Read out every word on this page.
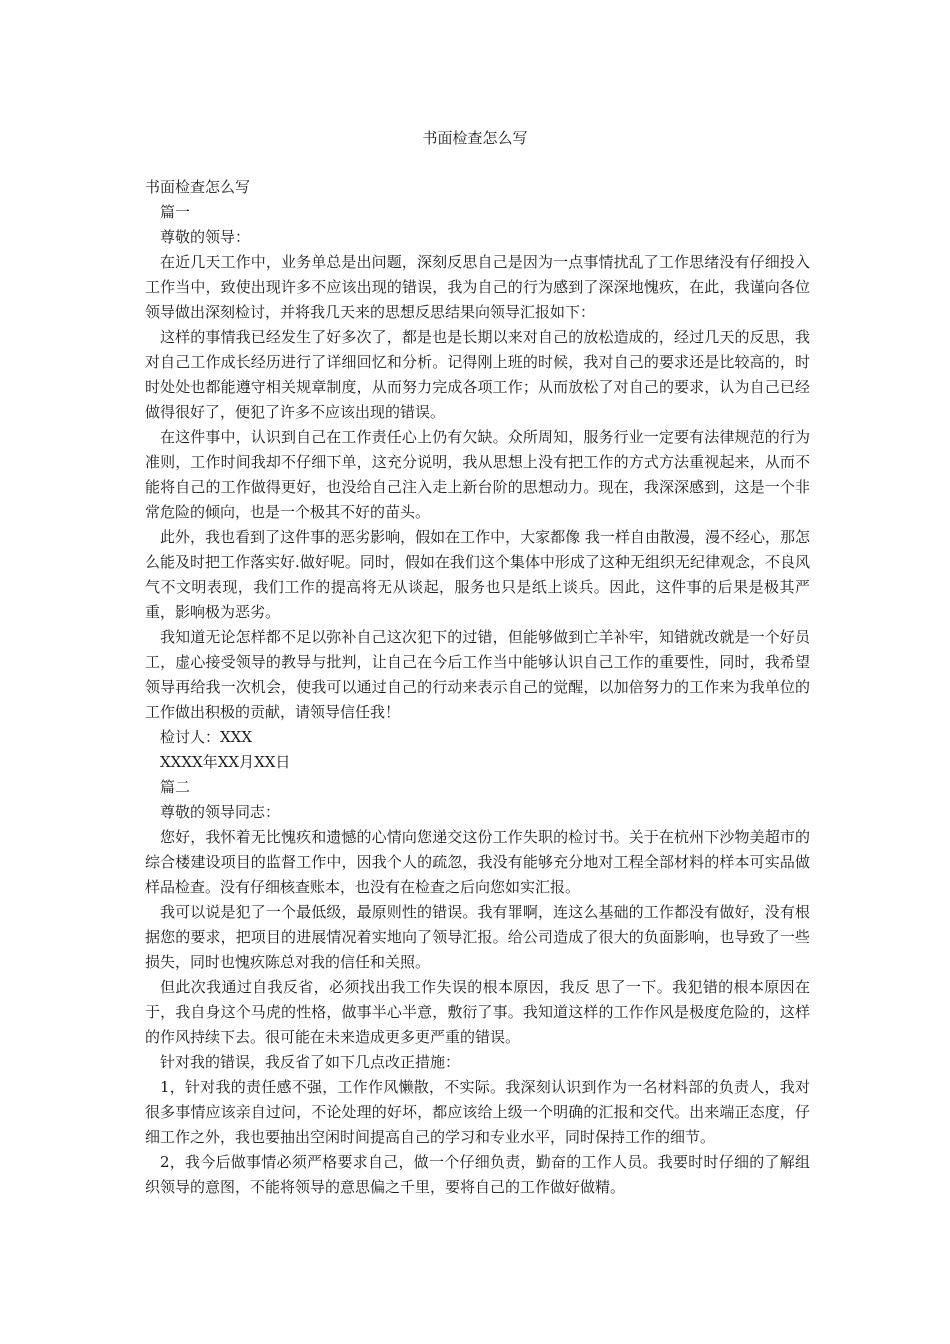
书面检查怎么写

书面检查怎么写

篇一

尊敬的领导：

在近几天工作中，业务单总是出问题，深刻反思自己是因为一点事情扰乱了工作思绪没有仔细投入工作当中，致使出现许多不应该出现的错误，我为自己的行为感到了深深地愧疚，在此，我谨向各位领导做出深刻检讨，并将我几天来的思想反思结果向领导汇报如下：

这样的事情我已经发生了好多次了，都是也是长期以来对自己的放松造成的，经过几天的反思，我对自己工作成长经历进行了详细回忆和分析。记得刚上班的时候，我对自己的要求还是比较高的，时时处处也都能遵守相关规章制度，从而努力完成各项工作；从而放松了对自己的要求，认为自己已经做得很好了，便犯了许多不应该出现的错误。

在这件事中，认识到自己在工作责任心上仍有欠缺。众所周知，服务行业一定要有法律规范的行为准则，工作时间我却不仔细下单，这充分说明，我从思想上没有把工作的方式方法重视起来，从而不能将自己的工作做得更好，也没给自己注入走上新台阶的思想动力。现在，我深深感到，这是一个非常危险的倾向，也是一个极其不好的苗头。

此外，我也看到了这件事的恶劣影响，假如在工作中，大家都像 我一样自由散漫，漫不经心，那怎么能及时把工作落实好.做好呢。同时，假如在我们这个集体中形成了这种无组织无纪律观念，不良风气不文明表现，我们工作的提高将无从谈起，服务也只是纸上谈兵。因此，这件事的后果是极其严重，影响极为恶劣。

我知道无论怎样都不足以弥补自己这次犯下的过错，但能够做到亡羊补牢，知错就改就是一个好员工，虚心接受领导的教导与批判，让自己在今后工作当中能够认识自己工作的重要性，同时，我希望领导再给我一次机会，使我可以通过自己的行动来表示自己的觉醒，以加倍努力的工作来为我单位的工作做出积极的贡献，请领导信任我！

检讨人：XXX

XXXX年XX月XX日

篇二

尊敬的领导同志：

您好，我怀着无比愧疚和遗憾的心情向您递交这份工作失职的检讨书。关于在杭州下沙物美超市的综合楼建设项目的监督工作中，因我个人的疏忽，我没有能够充分地对工程全部材料的样本可实品做样品检查。没有仔细核查账本，也没有在检查之后向您如实汇报。

我可以说是犯了一个最低级，最原则性的错误。我有罪啊，连这么基础的工作都没有做好，没有根据您的要求，把项目的进展情况着实地向了领导汇报。给公司造成了很大的负面影响，也导致了一些损失，同时也愧疚陈总对我的信任和关照。

但此次我通过自我反省，必须找出我工作失误的根本原因，我反 思了一下。我犯错的根本原因在于，我自身这个马虎的性格，做事半心半意，敷衍了事。我知道这样的工作作风是极度危险的，这样的作风持续下去。很可能在未来造成更多更严重的错误。

针对我的错误，我反省了如下几点改正措施：

1，针对我的责任感不强，工作作风懒散，不实际。我深刻认识到作为一名材料部的负责人，我对很多事情应该亲自过问，不论处理的好坏，都应该给上级一个明确的汇报和交代。出来端正态度，仔细工作之外，我也要抽出空闲时间提高自己的学习和专业水平，同时保持工作的细节。

2，我今后做事情必须严格要求自己，做一个仔细负责，勤奋的工作人员。我要时时仔细的了解组织领导的意图，不能将领导的意思偏之千里，要将自己的工作做好做精。
